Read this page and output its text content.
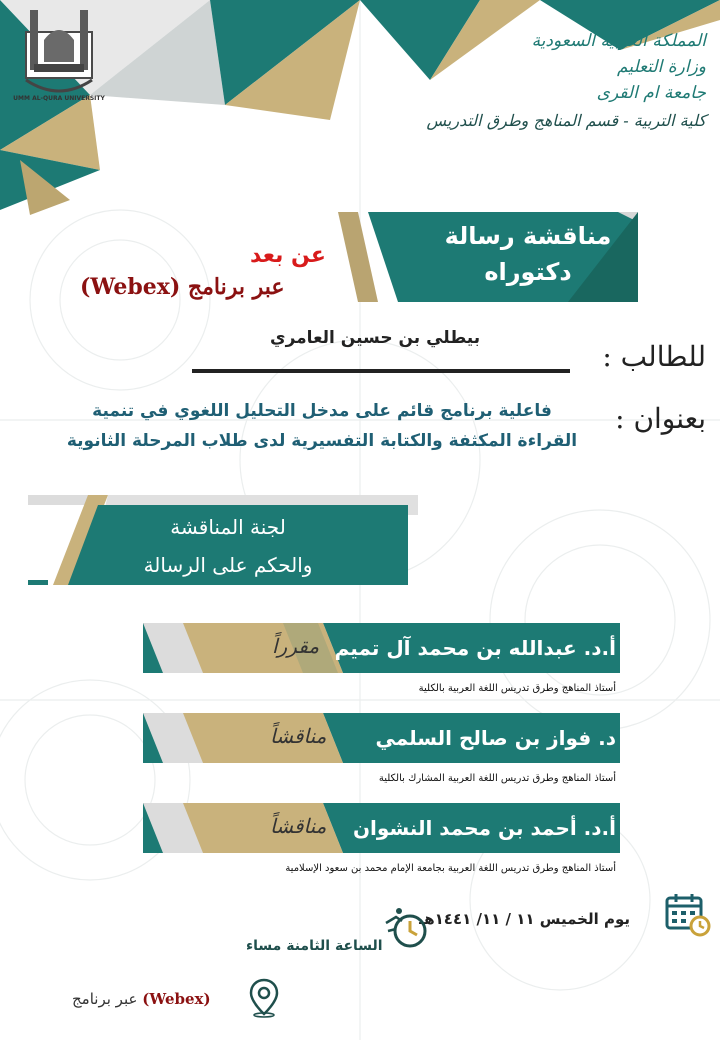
UMM AL-QURA UNIVERSITY
المملكة العربية السعودية
وزارة التعليم
جامعة ام القرى
كلية التربية - قسم المناهج وطرق التدريس
مناقشة رسالة
دكتوراه
عن بعد
عبر برنامج (Webex)
للطالب :
بيطلي بن حسين العامري
بعنوان :
فاعلية برنامج قائم على مدخل التحليل اللغوي في تنمية
القراءة المكثفة والكتابة التفسيرية لدى طلاب المرحلة الثانوية
لجنة المناقشة
والحكم على الرسالة
أ.د. عبدالله بن محمد آل تميم
مقرراً
أستاذ المناهج وطرق تدريس اللغة العربية بالكلية
د. فواز بن صالح السلمي
مناقشاً
أستاذ المناهج وطرق تدريس اللغة العربية المشارك بالكلية
أ.د. أحمد بن محمد النشوان
مناقشاً
أستاذ المناهج وطرق تدريس اللغة العربية بجامعة الإمام محمد بن سعود الإسلامية
يوم الخميس ١١ / ١١/ ١٤٤١هـ
الساعة الثامنة مساء
(Webex) عبر برنامج
